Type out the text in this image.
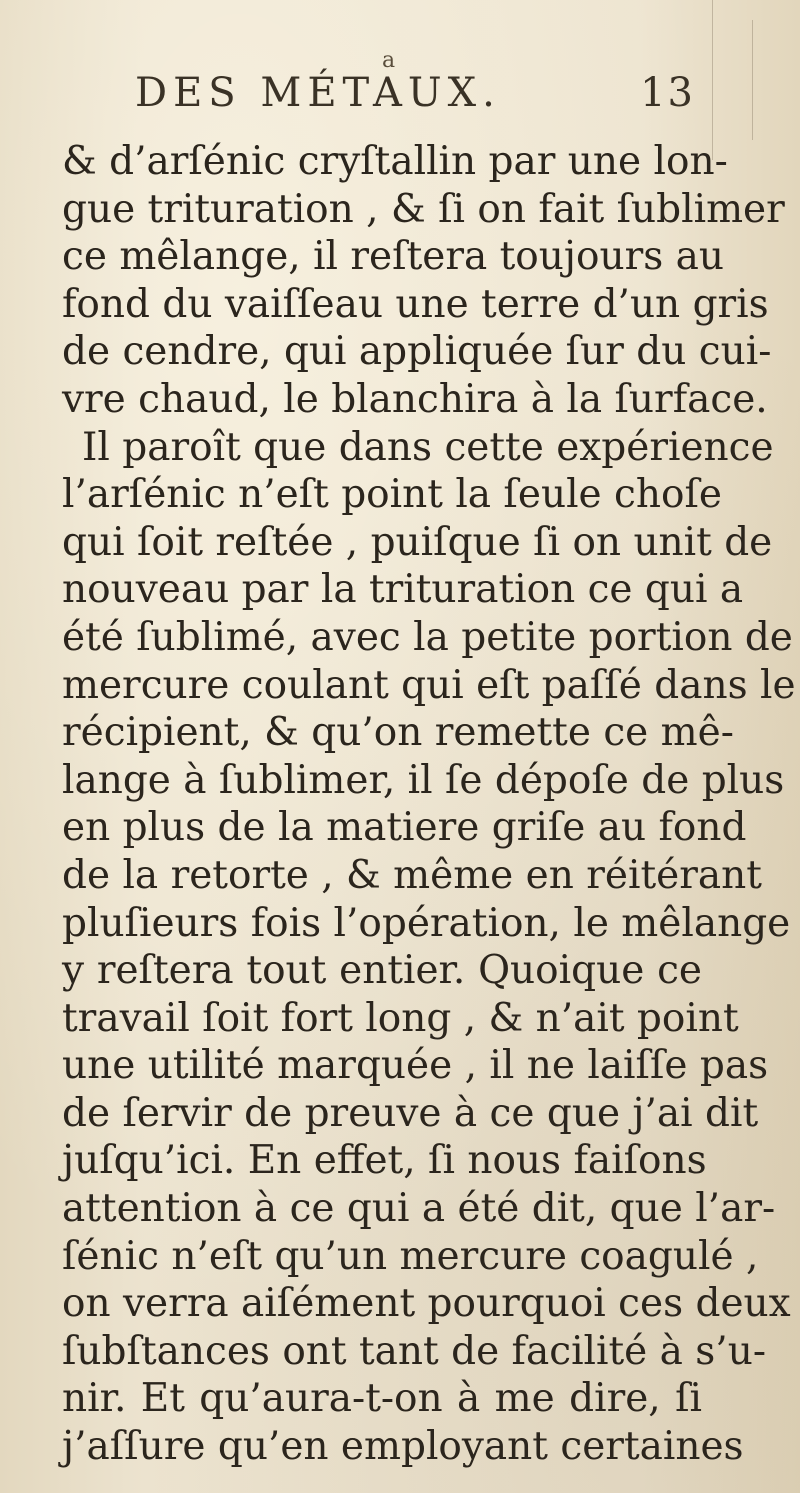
a
DES MÉTAUX.	13
& d’arſénic cryſtallin par une lon-
gue trituration , & ſi on fait ſublimer
ce mêlange, il reſtera toujours au
fond du vaiſſeau une terre d’un gris
de cendre, qui appliquée ſur du cui-
vre chaud, le blanchira à la ſurface.
Il paroît que dans cette expérience
l’arſénic n’eſt point la ſeule choſe
qui ſoit reſtée , puiſque ſi on unit de
nouveau par la trituration ce qui a
été ſublimé, avec la petite portion de
mercure coulant qui eſt paſſé dans le
récipient, & qu’on remette ce mê-
lange à ſublimer, il ſe dépoſe de plus
en plus de la matiere griſe au fond
de la retorte , & même en réitérant
pluſieurs fois l’opération, le mêlange
y reſtera tout entier. Quoique ce
travail ſoit fort long , & n’ait point
une utilité marquée , il ne laiſſe pas
de ſervir de preuve à ce que j’ai dit
juſqu’ici. En effet, ſi nous faiſons
attention à ce qui a été dit, que l’ar-
ſénic n’eſt qu’un mercure coagulé ,
on verra aiſément pourquoi ces deux
ſubſtances ont tant de facilité à s’u-
nir. Et qu’aura-t-on à me dire, ſi
j’aſſure qu’en employant certaines
